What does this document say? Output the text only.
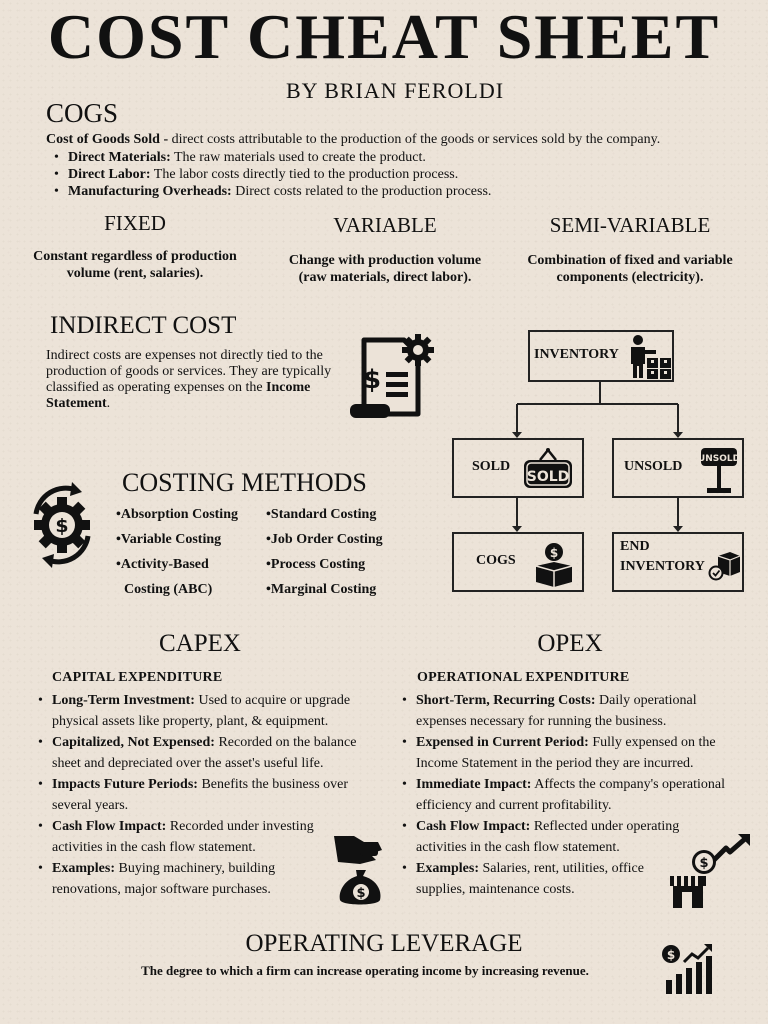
COST CHEAT SHEET
BY BRIAN FEROLDI
COGS
Cost of Goods Sold - direct costs attributable to the production of the goods or services sold by the company.
• Direct Materials: The raw materials used to create the product.
• Direct Labor: The labor costs directly tied to the production process.
• Manufacturing Overheads: Direct costs related to the production process.
FIXED
Constant regardless of production
volume (rent, salaries).
VARIABLE
Change with production volume
(raw materials, direct labor).
SEMI-VARIABLE
Combination of fixed and variable
components (electricity).
INDIRECT COST
Indirect costs are expenses not directly tied to the production of goods or services. They are typically classified as operating expenses on the Income Statement.
$
INVENTORY
SOLD
SOLD
UNSOLD UNSOLD
COGS	$	END
INVENTORY
$
COSTING METHODS
• Absorption Costing
• Variable Costing
• Activity-Based
Costing (ABC)
• Standard Costing
• Job Order Costing
• Process Costing
• Marginal Costing
CAPEX
CAPITAL EXPENDITURE
• Long-Term Investment: Used to acquire or upgrade physical assets like property, plant, & equipment.
• Capitalized, Not Expensed: Recorded on the balance sheet and depreciated over the asset's useful life.
• Impacts Future Periods: Benefits the business over several years.
• Cash Flow Impact: Recorded under investing activities in the cash flow statement.
• Examples: Buying machinery, building renovations, major software purchases.	$
OPEX
OPERATIONAL EXPENDITURE
• Short-Term, Recurring Costs: Daily operational expenses necessary for running the business.
• Expensed in Current Period: Fully expensed on the Income Statement in the period they are incurred.
• Immediate Impact: Affects the company's operational efficiency and current profitability.
• Cash Flow Impact: Reflected under operating activities in the cash flow statement.
• Examples: Salaries, rent, utilities, office supplies, maintenance costs.
$
OPERATING LEVERAGE
The degree to which a firm can increase operating income by increasing revenue.
$
